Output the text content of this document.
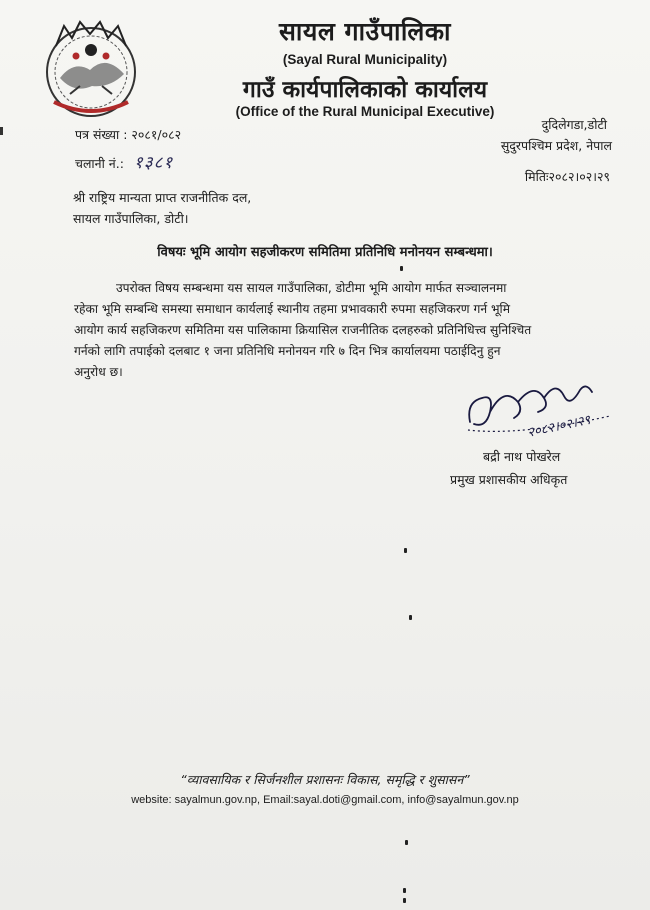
सायल गाउँपालिका
(Sayal Rural Municipality)
गाउँ कार्यपालिकाको कार्यालय
(Office of the Rural Municipal Executive)
पत्र संख्या : २०८१/०८२
चलानी नं.: १३८१
दुदिलेगडा,डोटी
सुदुरपश्चिम प्रदेश, नेपाल
मितिः२०८२।०२।२९
श्री राष्ट्रिय मान्यता प्राप्त राजनीतिक दल,
सायल गाउँपालिका, डोटी।
विषयः भूमि आयोग सहजीकरण समितिमा प्रतिनिधि मनोनयन सम्बन्धमा।
उपरोक्त विषय सम्बन्धमा यस सायल गाउँपालिका, डोटीमा भूमि आयोग मार्फत सञ्चालनमा
रहेका भूमि सम्बन्धि समस्या समाधान कार्यलाई स्थानीय तहमा प्रभावकारी रुपमा सहजिकरण गर्न भूमि
आयोग कार्य सहजिकरण समितिमा यस पालिकामा क्रियासिल राजनीतिक दलहरुको प्रतिनिधित्त्व सुनिश्चित
गर्नको लागि तपाईको दलबाट १ जना प्रतिनिधि मनोनयन गरि ७ दिन भित्र कार्यालयमा पठाईदिनु हुन
अनुरोध छ।
२०८२।०२।२९
बद्री नाथ पोखरेल
प्रमुख प्रशासकीय अधिकृत
“व्यावसायिक र सिर्जनशील प्रशासनः विकास, समृद्धि र शुसासन”
website: sayalmun.gov.np, Email:sayal.doti@gmail.com, info@sayalmun.gov.np
